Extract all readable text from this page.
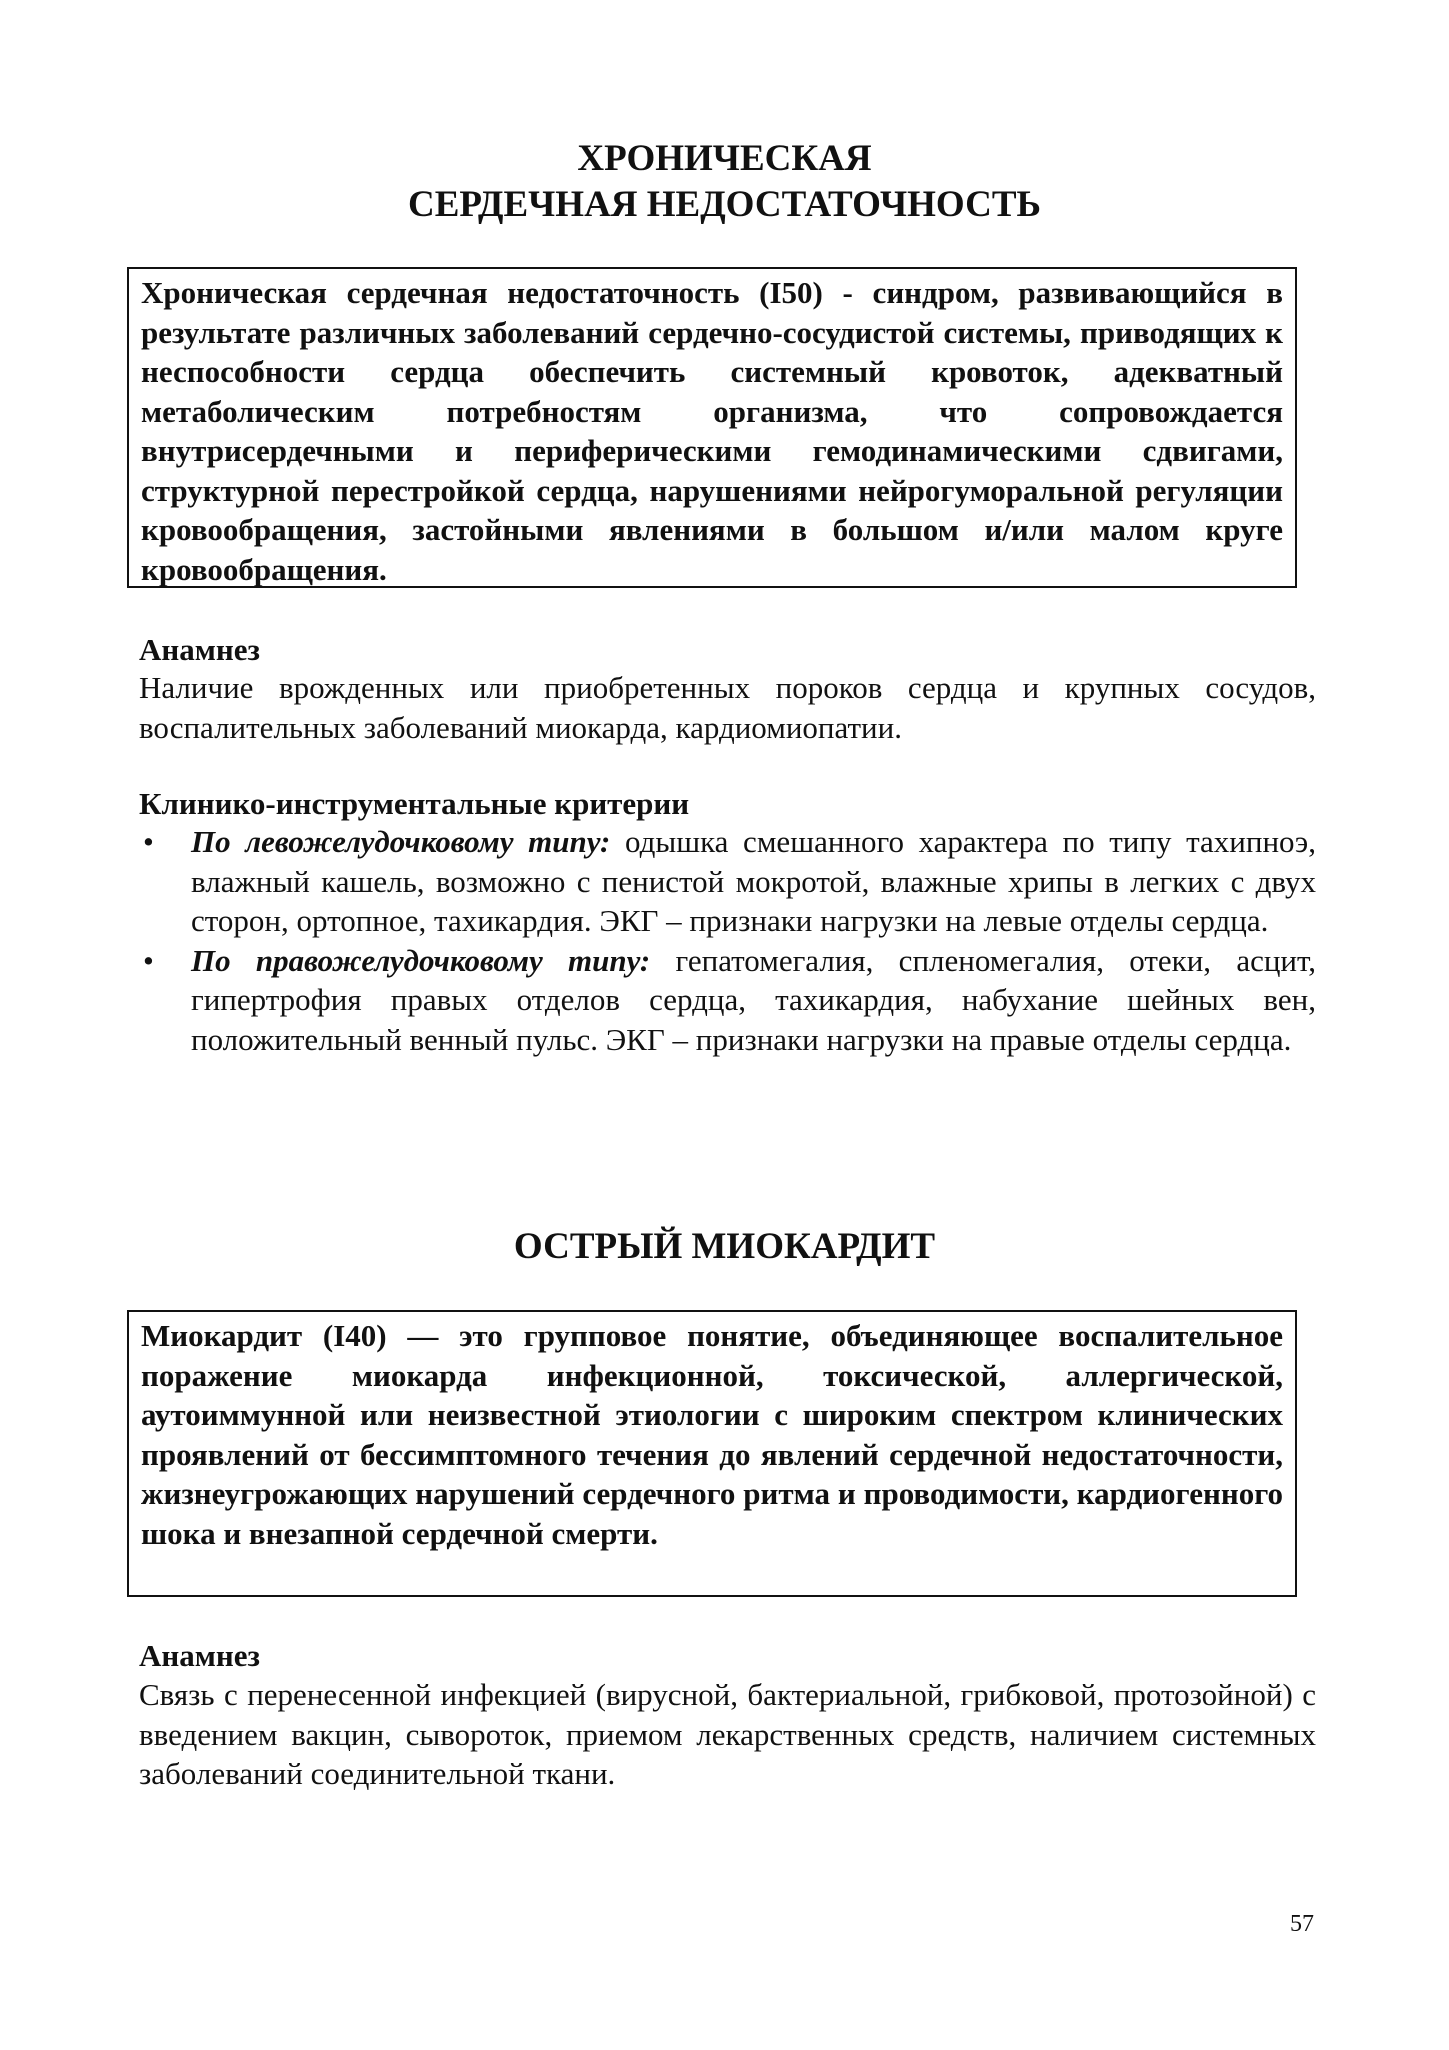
ХРОНИЧЕСКАЯ
СЕРДЕЧНАЯ НЕДОСТАТОЧНОСТЬ
Хроническая сердечная недостаточность (I50) - синдром, развивающийся в результате различных заболеваний сердечно-сосудистой системы, приводящих к неспособности сердца обеспечить системный кровоток, адекватный метаболическим потребностям организма, что сопровождается внутрисердечными и периферическими гемодинамическими сдвигами, структурной перестройкой сердца, нарушениями нейрогуморальной регуляции кровообращения, застойными явлениями в большом и/или малом круге кровообращения.
Анамнез
Наличие врожденных или приобретенных пороков сердца и крупных сосудов, воспалительных заболеваний миокарда, кардиомиопатии.
Клинико-инструментальные критерии
• По левожелудочковому типу: одышка смешанного характера по типу тахипноэ, влажный кашель, возможно с пенистой мокротой, влажные хрипы в легких с двух сторон, ортопное, тахикардия. ЭКГ – признаки нагрузки на левые отделы сердца.
• По правожелудочковому типу: гепатомегалия, спленомегалия, отеки, асцит, гипертрофия правых отделов сердца, тахикардия, набухание шейных вен, положительный венный пульс. ЭКГ – признаки нагрузки на правые отделы сердца.
ОСТРЫЙ МИОКАРДИТ
Миокардит (I40) — это групповое понятие, объединяющее воспалительное поражение миокарда инфекционной, токсической, аллергической, аутоиммунной или неизвестной этиологии с широким спектром клинических проявлений от бессимптомного течения до явлений сердечной недостаточности, жизнеугрожающих нарушений сердечного ритма и проводимости, кардиогенного шока и внезапной сердечной смерти.
Анамнез
Связь с перенесенной инфекцией (вирусной, бактериальной, грибковой, протозойной) с введением вакцин, сывороток, приемом лекарственных средств, наличием системных заболеваний соединительной ткани.
57
